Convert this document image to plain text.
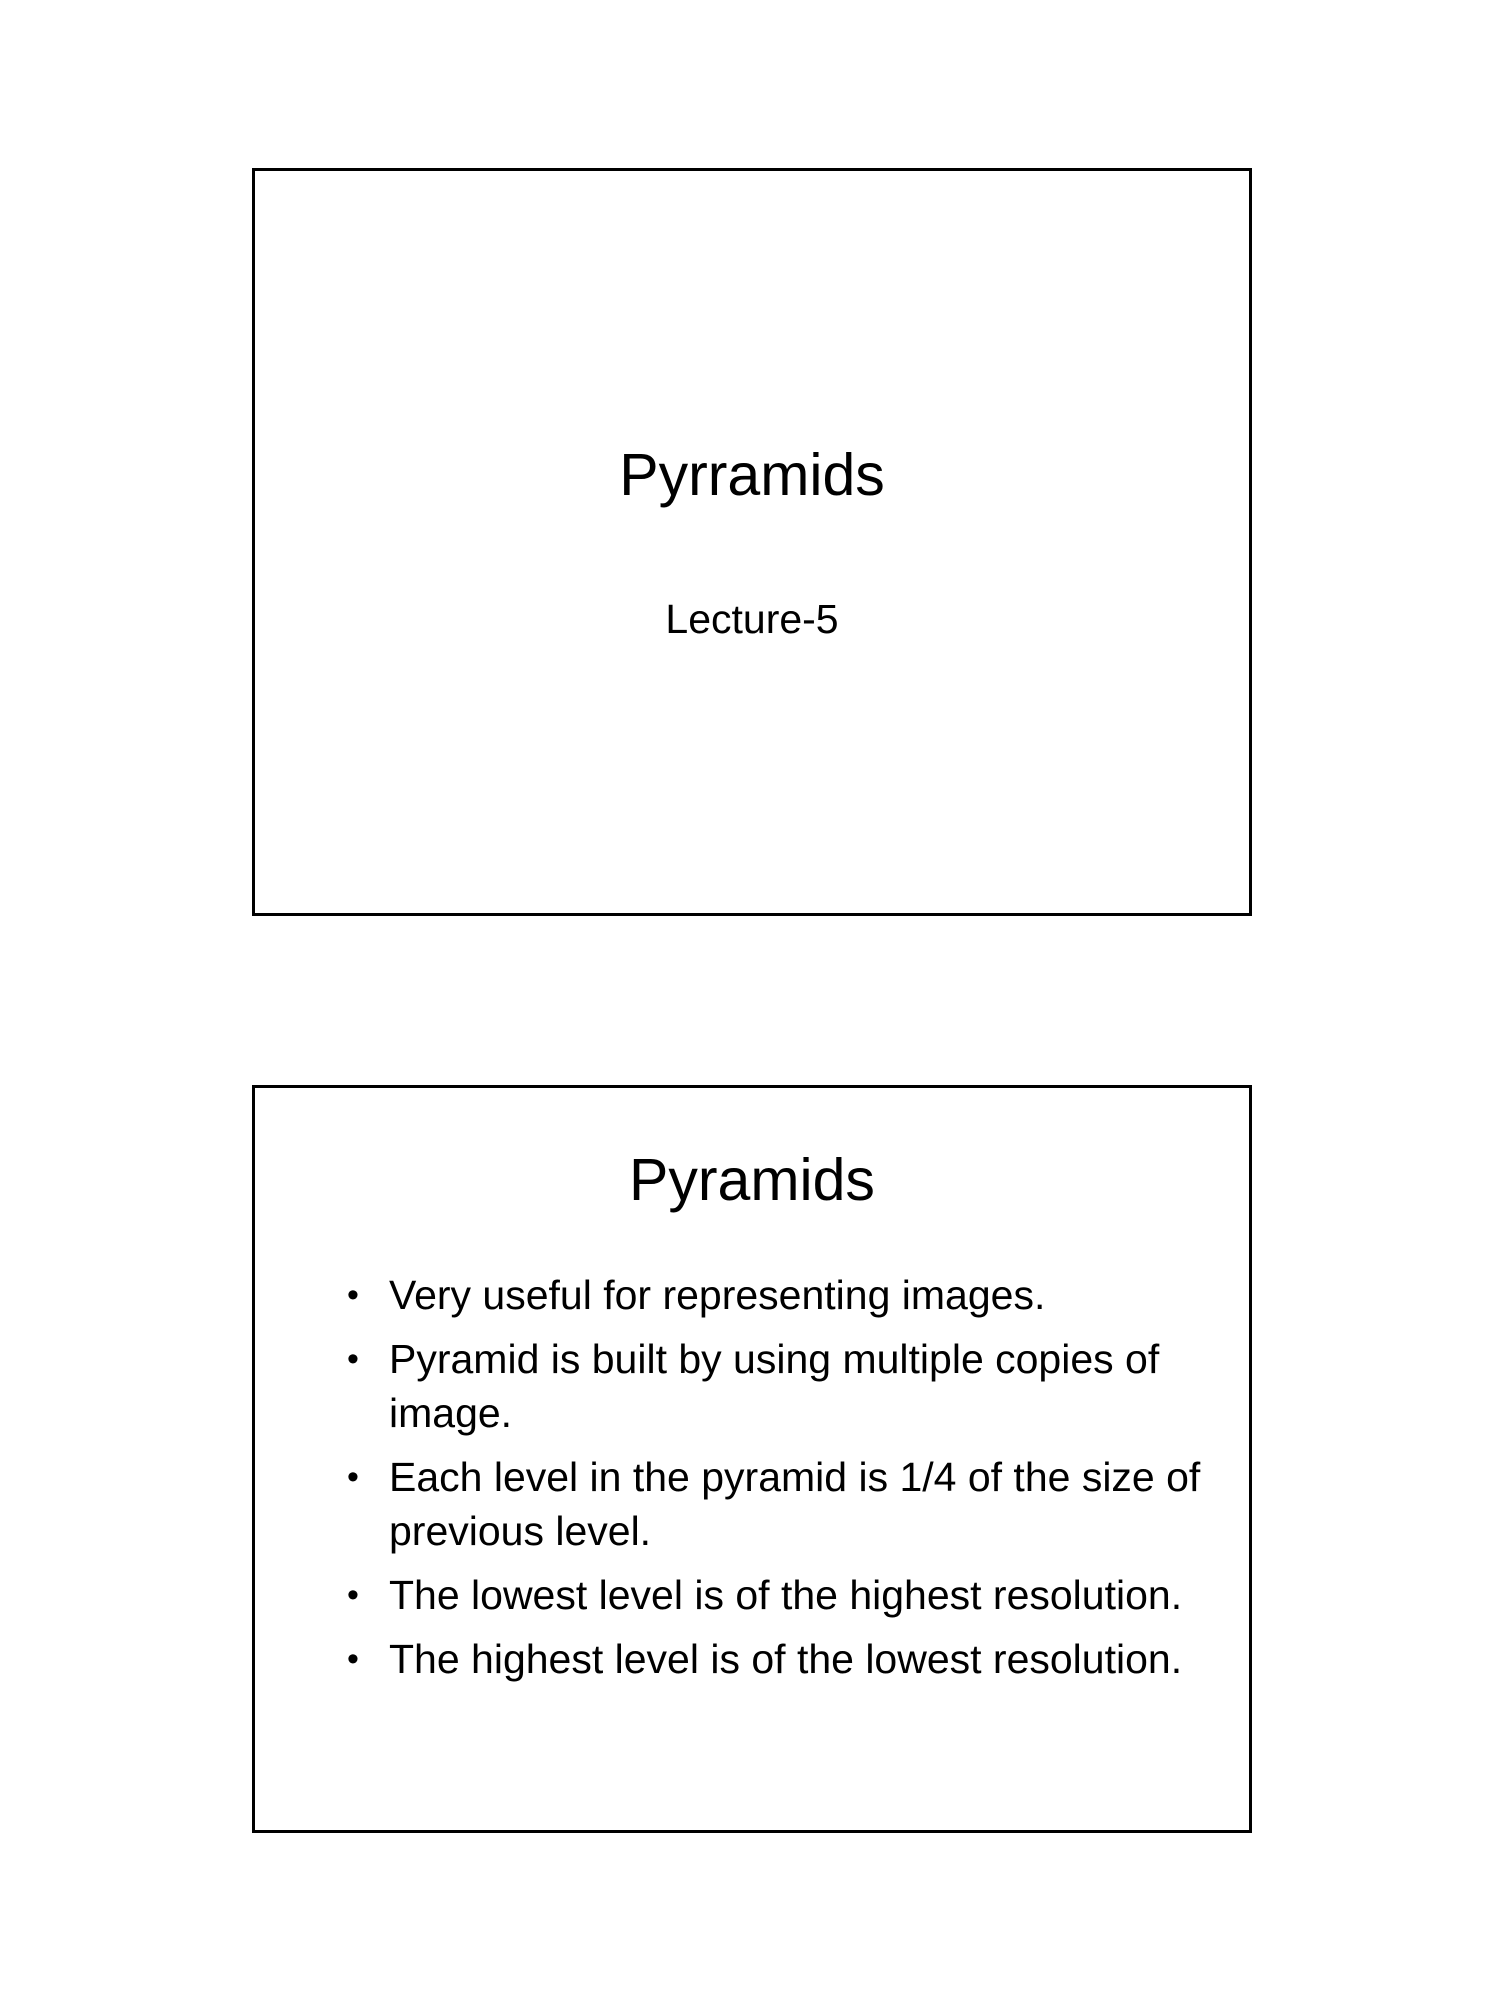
Pyrramids

Lecture-5

Pyramids
• Very useful for representing images.
• Pyramid is built by using multiple copies of image.
• Each level in the pyramid is 1/4 of the size of previous level.
• The lowest level is of the highest resolution.
• The highest level is of the lowest resolution.
